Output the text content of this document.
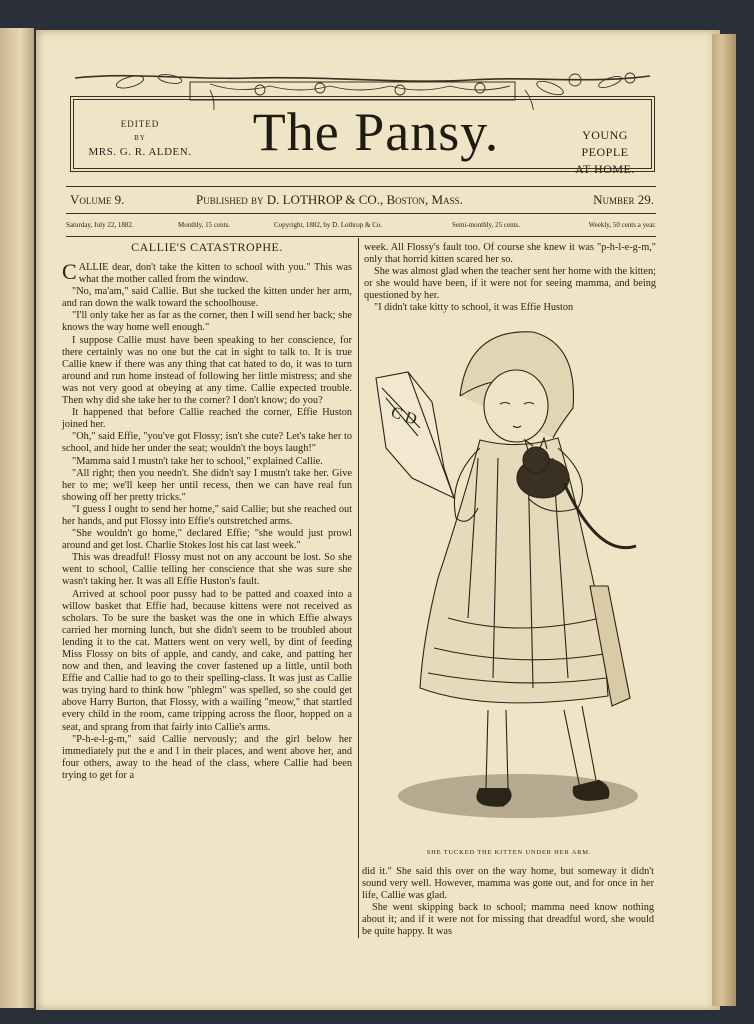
EDITED
BY
MRS. G. R. ALDEN.	The Pansy.	YOUNG PEOPLE
AT HOME.
Volume 9.	Published by D. LOTHROP & CO., Boston, Mass.	Number 29.
Saturday, July 22, 1882.	Monthly, 15 cents.	Copyright, 1882, by D. Lothrop & Co.	Semi-monthly, 25 cents.	Weekly, 50 cents a year.
CALLIE'S CATASTROPHE.

CALLIE dear, don't take the kitten to school with you." This was what the mother called from the window.

"No, ma'am," said Callie. But she tucked the kitten under her arm, and ran down the walk toward the schoolhouse.

"I'll only take her as far as the corner, then I will send her back; she knows the way home well enough."

I suppose Callie must have been speaking to her conscience, for there certainly was no one but the cat in sight to talk to. It is true Callie knew if there was any thing that cat hated to do, it was to turn around and run home instead of following her little mistress; and she was not very good at obeying at any time. Callie expected trouble. Then why did she take her to the corner? I don't know; do you?

It happened that before Callie reached the corner, Effie Huston joined her.

"Oh," said Effie, "you've got Flossy; isn't she cute? Let's take her to school, and hide her under the seat; wouldn't the boys laugh!"

"Mamma said I mustn't take her to school," explained Callie.

"All right; then you needn't. She didn't say I mustn't take her. Give her to me; we'll keep her until recess, then we can have real fun showing off her pretty tricks."

"I guess I ought to send her home," said Callie; but she reached out her hands, and put Flossy into Effie's outstretched arms.

"She wouldn't go home," declared Effie; "she would just prowl around and get lost. Charlie Stokes lost his cat last week."

This was dreadful! Flossy must not on any account be lost. So she went to school, Callie telling her conscience that she was sure she wasn't taking her. It was all Effie Huston's fault.

Arrived at school poor pussy had to be patted and coaxed into a willow basket that Effie had, because kittens were not received as scholars. To be sure the basket was the one in which Effie always carried her morning lunch, but she didn't seem to be troubled about lending it to the cat. Matters went on very well, by dint of feeding Miss Flossy on bits of apple, and candy, and cake, and patting her now and then, and leaving the cover fastened up a little, until both Effie and Callie had to go to their spelling-class. It was just as Callie was trying hard to think how "phlegm" was spelled, so she could get above Harry Burton, that Flossy, with a wailing "meow," that startled every child in the room, came tripping across the floor, hopped on a seat, and sprang from that fairly into Callie's arms.

"P-h-e-l-g-m," said Callie nervously; and the girl below her immediately put the e and l in their places, and went above her, and four others, away to the head of the class, where Callie had been trying to get for a

week. All Flossy's fault too. Of course she knew it was "p-h-l-e-g-m," only that horrid kitten scared her so.

She was almost glad when the teacher sent her home with the kitten; or she would have been, if it were not for seeing mamma, and being questioned by her.

"I didn't take kitty to school, it was Effie Huston

C D
SHE TUCKED THE KITTEN UNDER HER ARM.

did it." She said this over on the way home, but someway it didn't sound very well. However, mamma was gone out, and for once in her life, Callie was glad.

She went skipping back to school; mamma need know nothing about it; and if it were not for missing that dreadful word, she would be quite happy. It was
